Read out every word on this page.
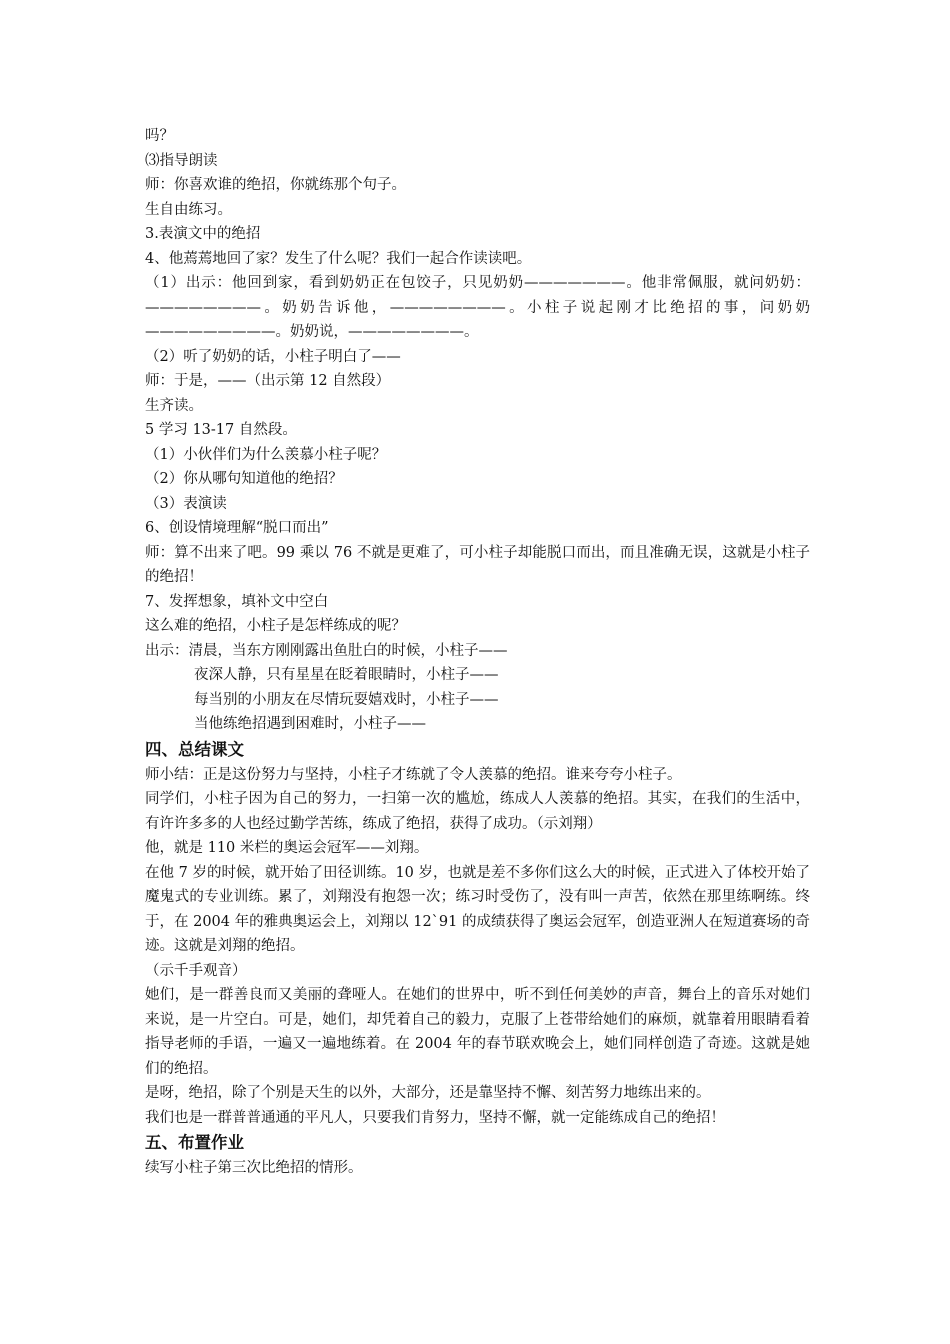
吗？

⑶指导朗读

师：你喜欢谁的绝招，你就练那个句子。

生自由练习。

3.表演文中的绝招

4、他蔫蔫地回了家？发生了什么呢？我们一起合作读读吧。

（1）出示：他回到家，看到奶奶正在包饺子，只见奶奶———————。他非常佩服，就问奶奶：————————。奶奶告诉他，————————。小柱子说起刚才比绝招的事，问奶奶—————————。奶奶说，————————。

（2）听了奶奶的话，小柱子明白了——

师：于是，——（出示第 12 自然段）

生齐读。

5 学习 13-17 自然段。

（1）小伙伴们为什么羡慕小柱子呢？

（2）你从哪句知道他的绝招？

（3）表演读

6、创设情境理解“脱口而出”

师：算不出来了吧。99 乘以 76 不就是更难了，可小柱子却能脱口而出，而且准确无误，这就是小柱子的绝招！

7、发挥想象，填补文中空白

这么难的绝招，小柱子是怎样练成的呢？

出示：清晨，当东方刚刚露出鱼肚白的时候，小柱子——

夜深人静，只有星星在眨着眼睛时，小柱子——

每当别的小朋友在尽情玩耍嬉戏时，小柱子——

当他练绝招遇到困难时，小柱子——

四、总结课文

师小结：正是这份努力与坚持，小柱子才练就了令人羡慕的绝招。谁来夸夸小柱子。

同学们，小柱子因为自己的努力，一扫第一次的尴尬，练成人人羡慕的绝招。其实，在我们的生活中，有许许多多的人也经过勤学苦练，练成了绝招，获得了成功。（示刘翔）

他，就是 110 米栏的奥运会冠军——刘翔。

在他 7 岁的时候，就开始了田径训练。10 岁，也就是差不多你们这么大的时候，正式进入了体校开始了魔鬼式的专业训练。累了，刘翔没有抱怨一次；练习时受伤了，没有叫一声苦，依然在那里练啊练。终于，在 2004 年的雅典奥运会上，刘翔以 12`91 的成绩获得了奥运会冠军，创造亚洲人在短道赛场的奇迹。这就是刘翔的绝招。

（示千手观音）

她们，是一群善良而又美丽的聋哑人。在她们的世界中，听不到任何美妙的声音，舞台上的音乐对她们来说，是一片空白。可是，她们，却凭着自己的毅力，克服了上苍带给她们的麻烦，就靠着用眼睛看着指导老师的手语，一遍又一遍地练着。在 2004 年的春节联欢晚会上，她们同样创造了奇迹。这就是她们的绝招。

是呀，绝招，除了个别是天生的以外，大部分，还是靠坚持不懈、刻苦努力地练出来的。

我们也是一群普普通通的平凡人，只要我们肯努力，坚持不懈，就一定能练成自己的绝招！

五、布置作业

续写小柱子第三次比绝招的情形。
